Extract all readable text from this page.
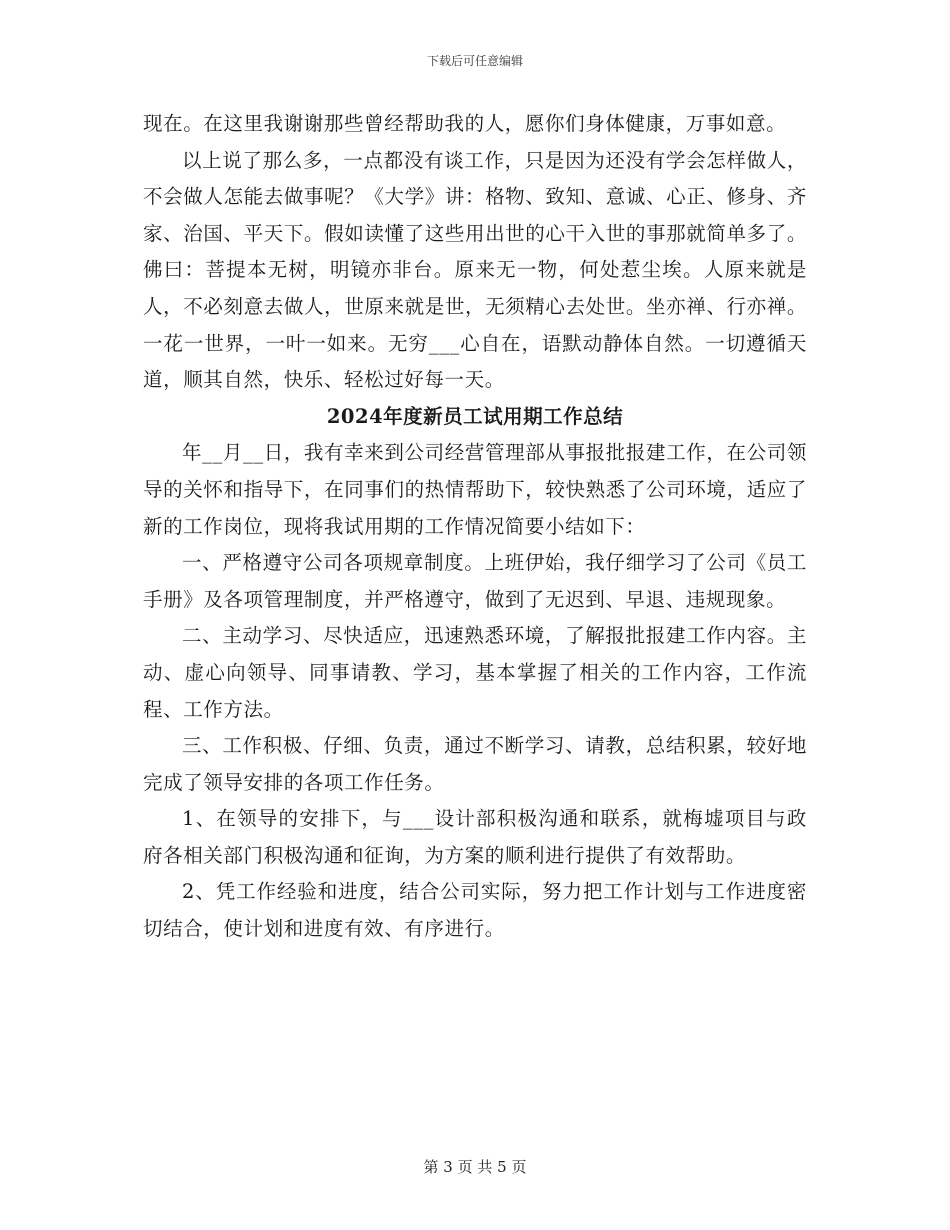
下载后可任意编辑

现在。在这里我谢谢那些曾经帮助我的人，愿你们身体健康，万事如意。

以上说了那么多，一点都没有谈工作，只是因为还没有学会怎样做人，不会做人怎能去做事呢？《大学》讲：格物、致知、意诚、心正、修身、齐家、治国、平天下。假如读懂了这些用出世的心干入世的事那就简单多了。佛曰：菩提本无树，明镜亦非台。原来无一物，何处惹尘埃。人原来就是人，不必刻意去做人，世原来就是世，无须精心去处世。坐亦禅、行亦禅。一花一世界，一叶一如来。无穷___心自在，语默动静体自然。一切遵循天道，顺其自然，快乐、轻松过好每一天。

2024年度新员工试用期工作总结

年__月__日，我有幸来到公司经营管理部从事报批报建工作，在公司领导的关怀和指导下，在同事们的热情帮助下，较快熟悉了公司环境，适应了新的工作岗位，现将我试用期的工作情况简要小结如下：

一、严格遵守公司各项规章制度。上班伊始，我仔细学习了公司《员工手册》及各项管理制度，并严格遵守，做到了无迟到、早退、违规现象。

二、主动学习、尽快适应，迅速熟悉环境，了解报批报建工作内容。主动、虚心向领导、同事请教、学习，基本掌握了相关的工作内容，工作流程、工作方法。

三、工作积极、仔细、负责，通过不断学习、请教，总结积累，较好地完成了领导安排的各项工作任务。

1、在领导的安排下，与___设计部积极沟通和联系，就梅墟项目与政府各相关部门积极沟通和征询，为方案的顺利进行提供了有效帮助。

2、凭工作经验和进度，结合公司实际，努力把工作计划与工作进度密切结合，使计划和进度有效、有序进行。

第 3 页 共 5 页
